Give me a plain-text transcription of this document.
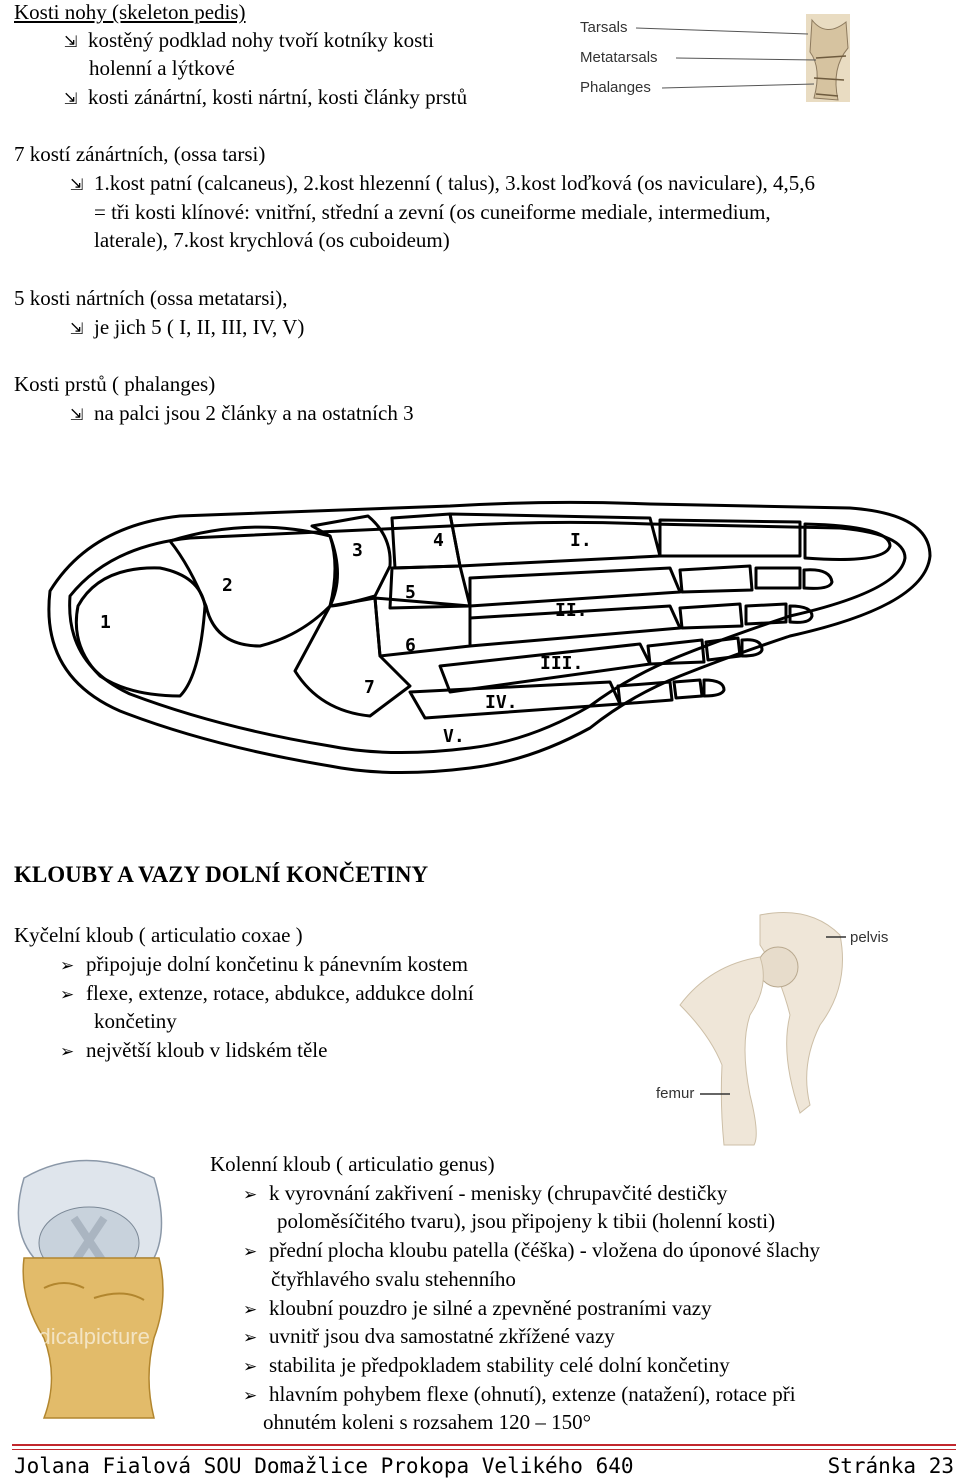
Kosti nohy (skeleton pedis)
⇲ kostěný podklad nohy tvoří kotníky kosti
holenní a lýtkové
⇲ kosti zánártní, kosti nártní, kosti články prstů
Tarsals
Metatarsals
Phalanges
7 kostí zánártních, (ossa tarsi)
⇲ 1.kost patní (calcaneus), 2.kost hlezenní ( talus), 3.kost loďková (os naviculare), 4,5,6
= tři kosti klínové: vnitřní, střední a zevní (os cuneiforme mediale, intermedium,
laterale), 7.kost krychlová (os cuboideum)
5 kosti nártních (ossa metatarsi),
⇲ je jich 5 ( I, II, III, IV, V)
Kosti prstů ( phalanges)
⇲ na palci jsou 2 články a na ostatních 3
1
2
3	4
5
6
7
I.
II.
III.
IV.
V.
KLOUBY A VAZY DOLNÍ KONČETINY
Kyčelní kloub ( articulatio coxae )
➢ připojuje dolní končetinu k pánevním kostem
➢ flexe, extenze, rotace, abdukce, addukce dolní
končetiny
➢ největší kloub v lidském těle
pelvis
femur
medicalpicture
Kolenní kloub ( articulatio genus)
➢ k vyrovnání zakřivení - menisky (chrupavčité destičky
poloměsíčitého tvaru), jsou připojeny k tibii (holenní kosti)
➢ přední plocha kloubu patella (čéška) - vložena do úponové šlachy
čtyřhlavého svalu stehenního
➢ kloubní pouzdro je silné a zpevněné postraními vazy
➢ uvnitř jsou dva samostatné zkřížené vazy
➢ stabilita je předpokladem stability celé dolní končetiny
➢ hlavním pohybem flexe (ohnutí), extenze (natažení), rotace při
ohnutém koleni s rozsahem 120 – 150°
Jolana Fialová SOU Domažlice Prokopa Velikého 640	Stránka 23
